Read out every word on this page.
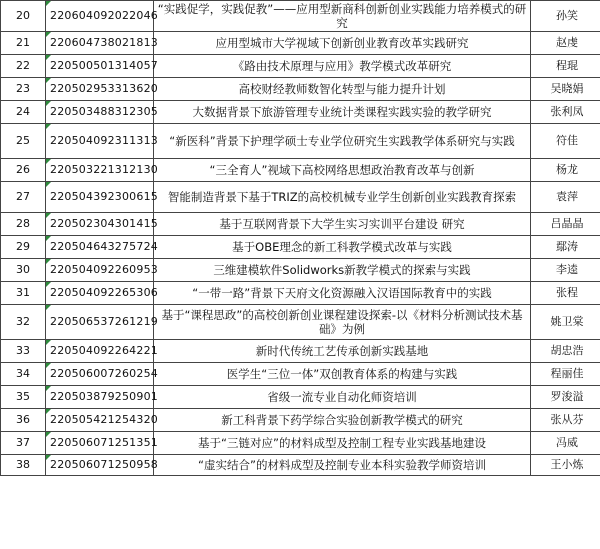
20	220604092022046	“实践促学，实践促教”——应用型新商科创新创业实践能力培养模式的研究	孙笑
21	220604738021813	应用型城市大学视域下创新创业教育改革实践研究	赵虔
22	220500501314057	《路由技术原理与应用》教学模式改革研究	程琨
23	220502953313620	高校财经教师数智化转型与能力提升计划	吴晓娟
24	220503488312305	大数据背景下旅游管理专业统计类课程实践实验的教学研究	张利凤
25	220504092311313	“新医科”背景下护理学硕士专业学位研究生实践教学体系研究与实践	符佳
26	220503221312130	“三全育人”视域下高校网络思想政治教育改革与创新	杨龙
27	220504392300615	智能制造背景下基于TRIZ的高校机械专业学生创新创业实践教育探索	袁萍
28	220502304301415	基于互联网背景下大学生实习实训平台建设 研究	吕晶晶
29	220504643275724	基于OBE理念的新工科教学模式改革与实践	鄢涛
30	220504092260953	三维建模软件Solidworks新教学模式的探索与实践	李逵
31	220504092265306	“一带一路”背景下天府文化资源融入汉语国际教育中的实践	张程
32	220506537261219	基于“课程思政”的高校创新创业课程建设探索-以《材料分析测试技术基础》为例	姚卫棠
33	220504092264221	新时代传统工艺传承创新实践基地	胡忠浩
34	220506007260254	医学生“三位一体”双创教育体系的构建与实践	程丽佳
35	220503879250901	省级一流专业自动化师资培训	罗浚溢
36	220505421254320	新工科背景下药学综合实验创新教学模式的研究	张从芬
37	220506071251351	基于“三链对应”的材料成型及控制工程专业实践基地建设	冯威
38	220506071250958	“虚实结合”的材料成型及控制专业本科实验教学师资培训	王小炼
